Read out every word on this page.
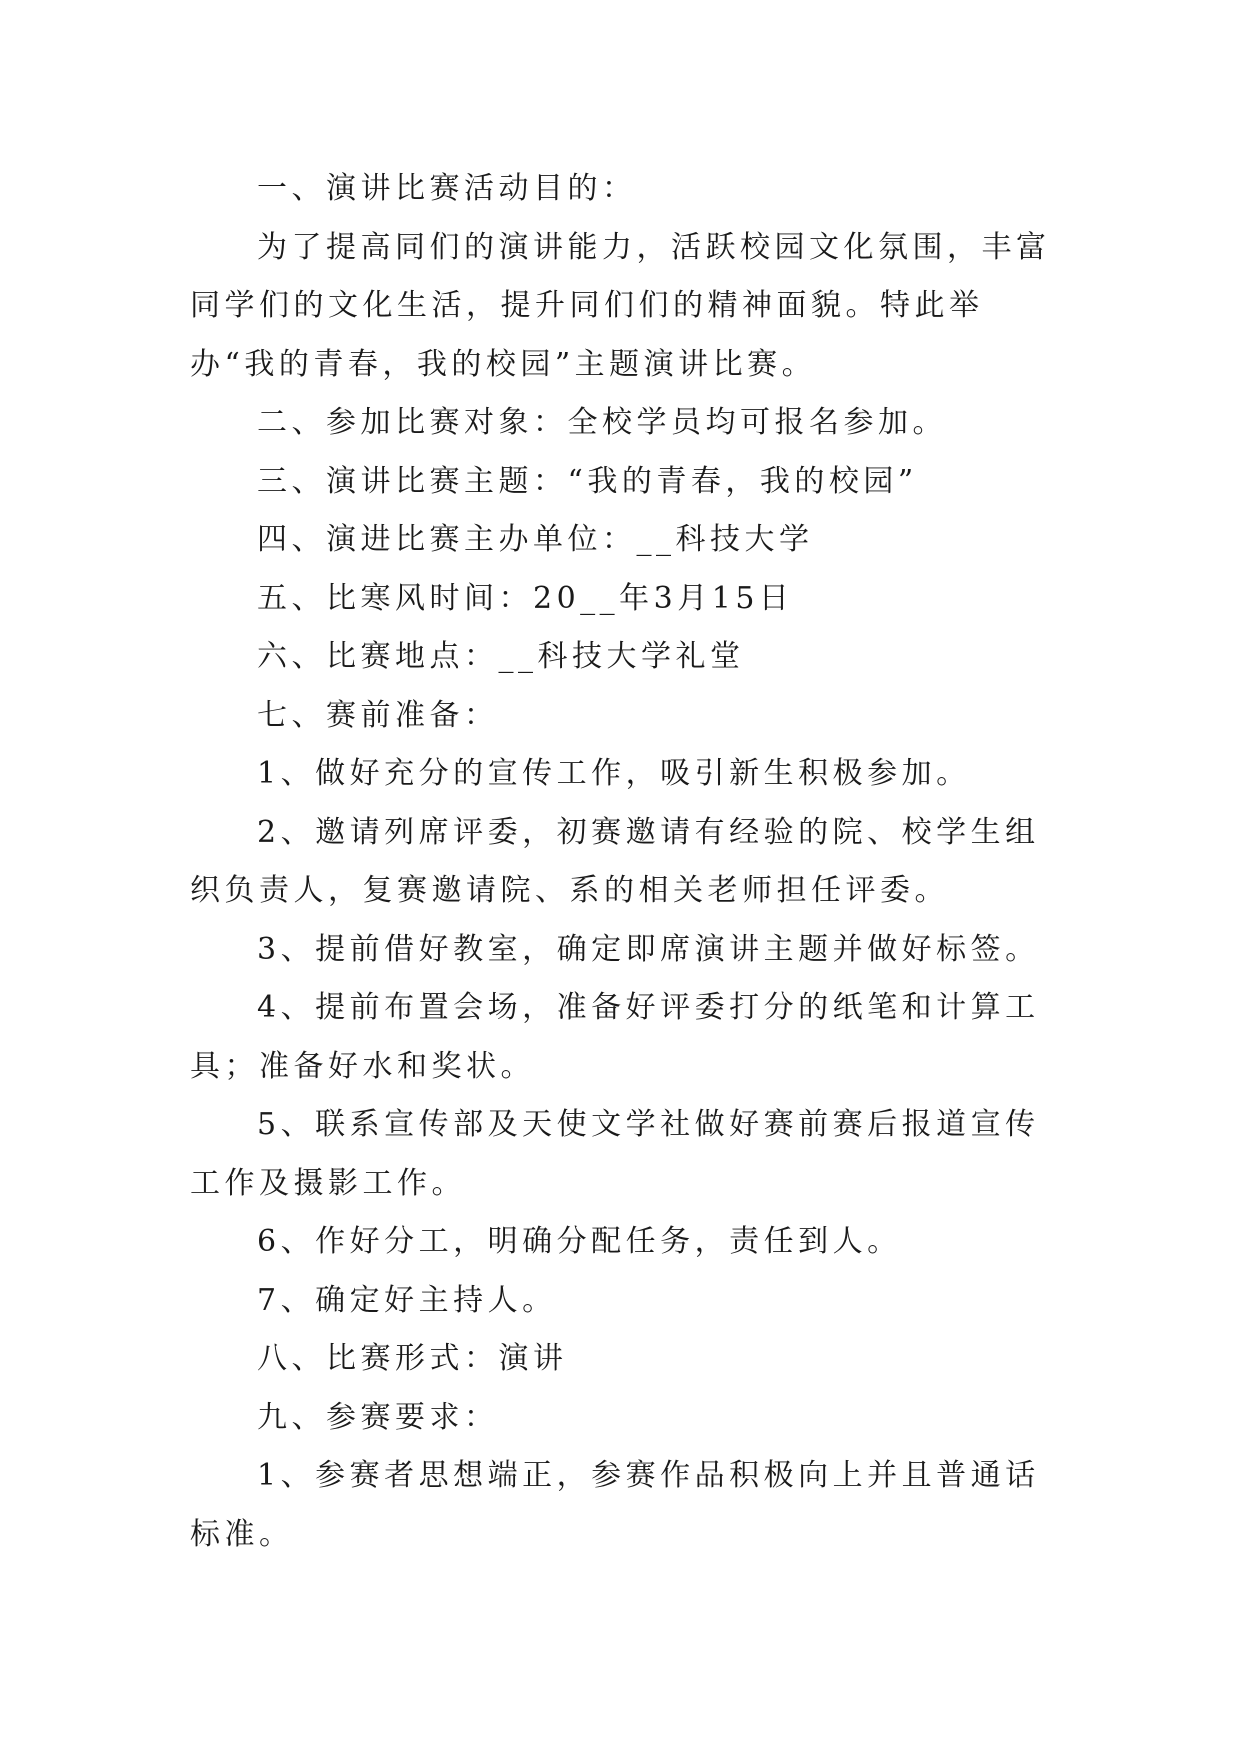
一、演讲比赛活动目的：

为了提高同们的演讲能力，活跃校园文化氛围，丰富同学们的文化生活，提升同们们的精神面貌。特此举办“我的青春，我的校园”主题演讲比赛。

二、参加比赛对象：全校学员均可报名参加。

三、演讲比赛主题：“我的青春，我的校园”

四、演进比赛主办单位：__科技大学

五、比寒风时间：20__年3月15日

六、比赛地点：__科技大学礼堂

七、赛前准备：

1、做好充分的宣传工作，吸引新生积极参加。

2、邀请列席评委，初赛邀请有经验的院、校学生组织负责人，复赛邀请院、系的相关老师担任评委。

3、提前借好教室，确定即席演讲主题并做好标签。

4、提前布置会场，准备好评委打分的纸笔和计算工具；准备好水和奖状。

5、联系宣传部及天使文学社做好赛前赛后报道宣传工作及摄影工作。

6、作好分工，明确分配任务，责任到人。

7、确定好主持人。

八、比赛形式：演讲

九、参赛要求：

1、参赛者思想端正，参赛作品积极向上并且普通话标准。
